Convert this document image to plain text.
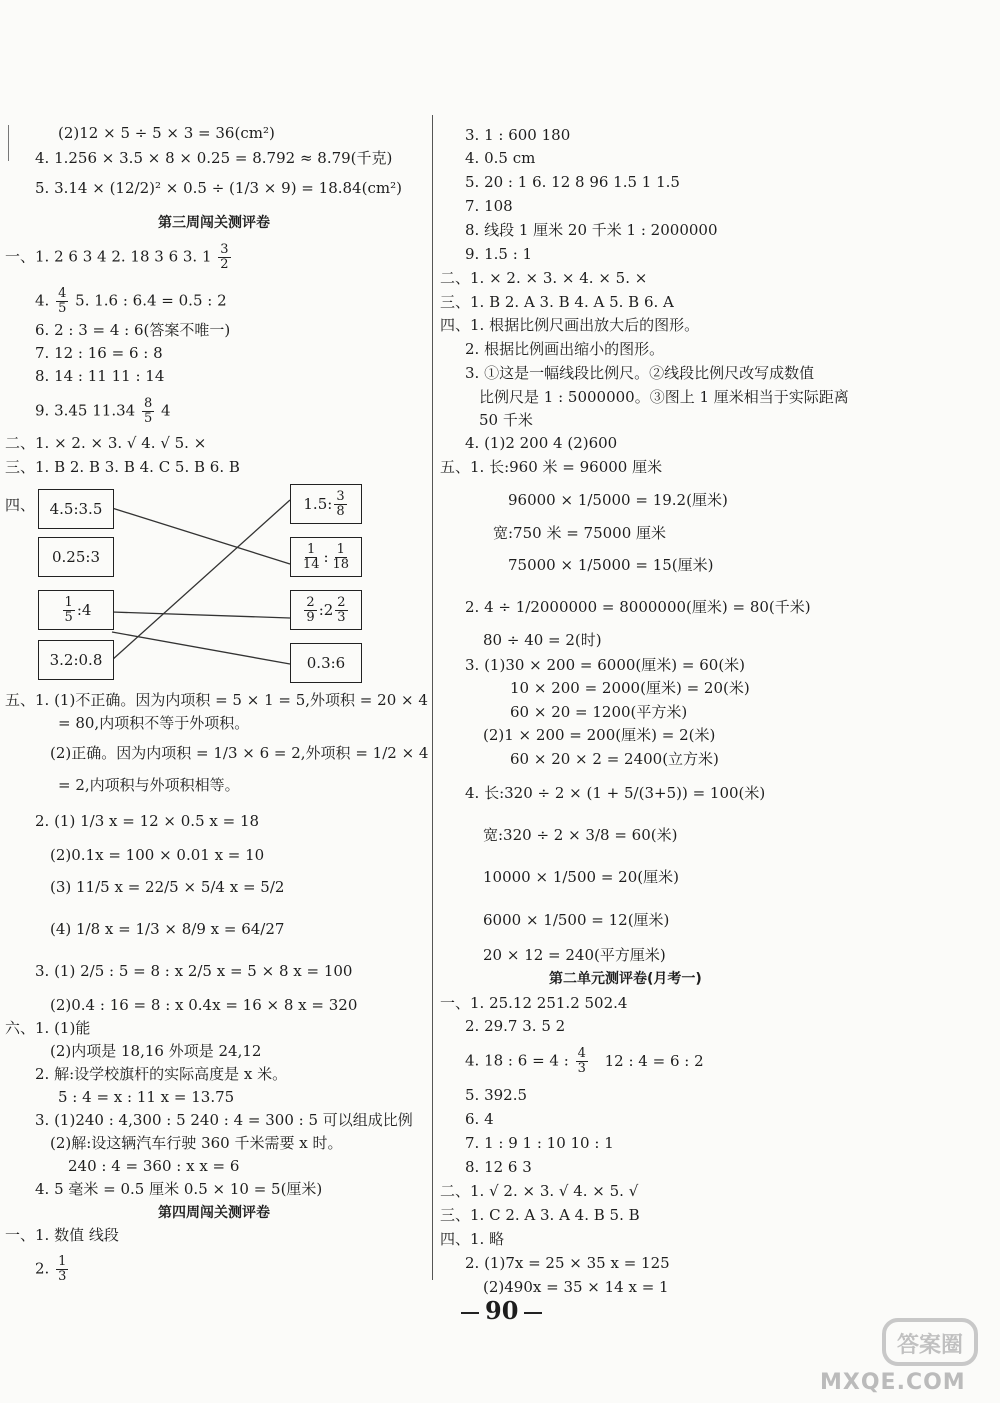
(2)12 × 5 ÷ 5 × 3 = 36(cm²)
4. 1.256 × 3.5 × 8 × 0.25 = 8.792 ≈ 8.79(千克)
5. 3.14 × (12/2)² × 0.5 ÷ (1/3 × 9) = 18.84(cm²)
第三周闯关测评卷
一、1. 2 6 3 4 2. 18 3 6 3. $1 \frac{3}{2}$
4. $\frac{4}{5} 5$. 1.6 : 6.4 = 0.5 : 2
6. 2 : 3 = 4 : 6(答案不唯一)
7. 12 : 16 = 6 : 8
8. 14 : 11 11 : 14
9. 3.45 $11.34 \frac{8}{5} 4$
二、1. × 2. × 3. √ 4. √ 5. ×
三、1. B 2. B 3. B 4. C 5. B 6. B
四、 4.5:3.5
0.25:3
$\frac{1}{5}$ :4
3.2:0.8
1.5: $\frac{3}{8}$
$\frac{1}{14}$ : $\frac{1}{18}$
$\frac{2}{9}$ :2 $\frac{2}{3}$
0.3:6
五、1. (1)不正确。因为内项积 = 5 × 1 = 5,外项积 = 20 × 4
= 80,内项积不等于外项积。
(2)正确。因为内项积 = 1/3 × 6 = 2,外项积 = 1/2 × 4
= 2,内项积与外项积相等。
2. (1) 1/3 x = 12 × 0.5 x = 18
(2)0.1x = 100 × 0.01 x = 10
(3) 11/5 x = 22/5 × 5/4 x = 5/2
(4) 1/8 x = 1/3 × 8/9 x = 64/27
3. (1) 2/5 : 5 = 8 : x 2/5 x = 5 × 8 x = 100
(2)0.4 : 16 = 8 : x 0.4x = 16 × 8 x = 320
六、1. (1)能
(2)内项是 18,16 外项是 24,12
2. 解:设学校旗杆的实际高度是 x 米。
5 : 4 = x : 11 x = 13.75
3. (1)240 : 4,300 : 5 240 : 4 = 300 : 5 可以组成比例
(2)解:设这辆汽车行驶 360 千米需要 x 时。
240 : 4 = 360 : x x = 6
4. 5 毫米 = 0.5 厘米 0.5 × 10 = 5(厘米)
第四周闯关测评卷
一、1. 数值 线段
2. $\frac{1}{3}$
3. 1 : 600 180
4. 0.5 cm
5. 20 : 1 6. 12 8 96 1.5 1 1.5
7. 108
8. 线段 1 厘米 20 千米 1 : 2000000
9. 1.5 : 1
二、1. × 2. × 3. × 4. × 5. ×
三、1. B 2. A 3. B 4. A 5. B 6. A
四、1. 根据比例尺画出放大后的图形。
2. 根据比例画出缩小的图形。
3. ①这是一幅线段比例尺。②线段比例尺改写成数值
比例尺是 1 : 5000000。③图上 1 厘米相当于实际距离
50 千米
4. (1)2 200 4 (2)600
五、1. 长:960 米 = 96000 厘米
96000 × 1/5000 = 19.2(厘米)
宽:750 米 = 75000 厘米
75000 × 1/5000 = 15(厘米)
2. 4 ÷ 1/2000000 = 8000000(厘米) = 80(千米)
80 ÷ 40 = 2(时)
3. (1)30 × 200 = 6000(厘米) = 60(米)
10 × 200 = 2000(厘米) = 20(米)
60 × 20 = 1200(平方米)
(2)1 × 200 = 200(厘米) = 2(米)
60 × 20 × 2 = 2400(立方米)
4. 长:320 ÷ 2 × (1 + 5/(3+5)) = 100(米)
宽:320 ÷ 2 × 3/8 = 60(米)
10000 × 1/500 = 20(厘米)
6000 × 1/500 = 12(厘米)
20 × 12 = 240(平方厘米)
第二单元测评卷(月考一)
一、1. 25.12 251.2 502.4
2. 29.7 3. 5 2
4. 18 : 6 = 4 : $\frac{4}{3} 12$ : 4 = 6 : 2
5. 392.5
6. 4
7. 1 : 9 1 : 10 10 : 1
8. 12 6 3
二、1. √ 2. × 3. √ 4. × 5. √
三、1. C 2. A 3. A 4. B 5. B
四、1. 略
2. (1)7x = 25 × 35 x = 125
(2)490x = 35 × 14 x = 1
90
答案圈
MXQE.COM
